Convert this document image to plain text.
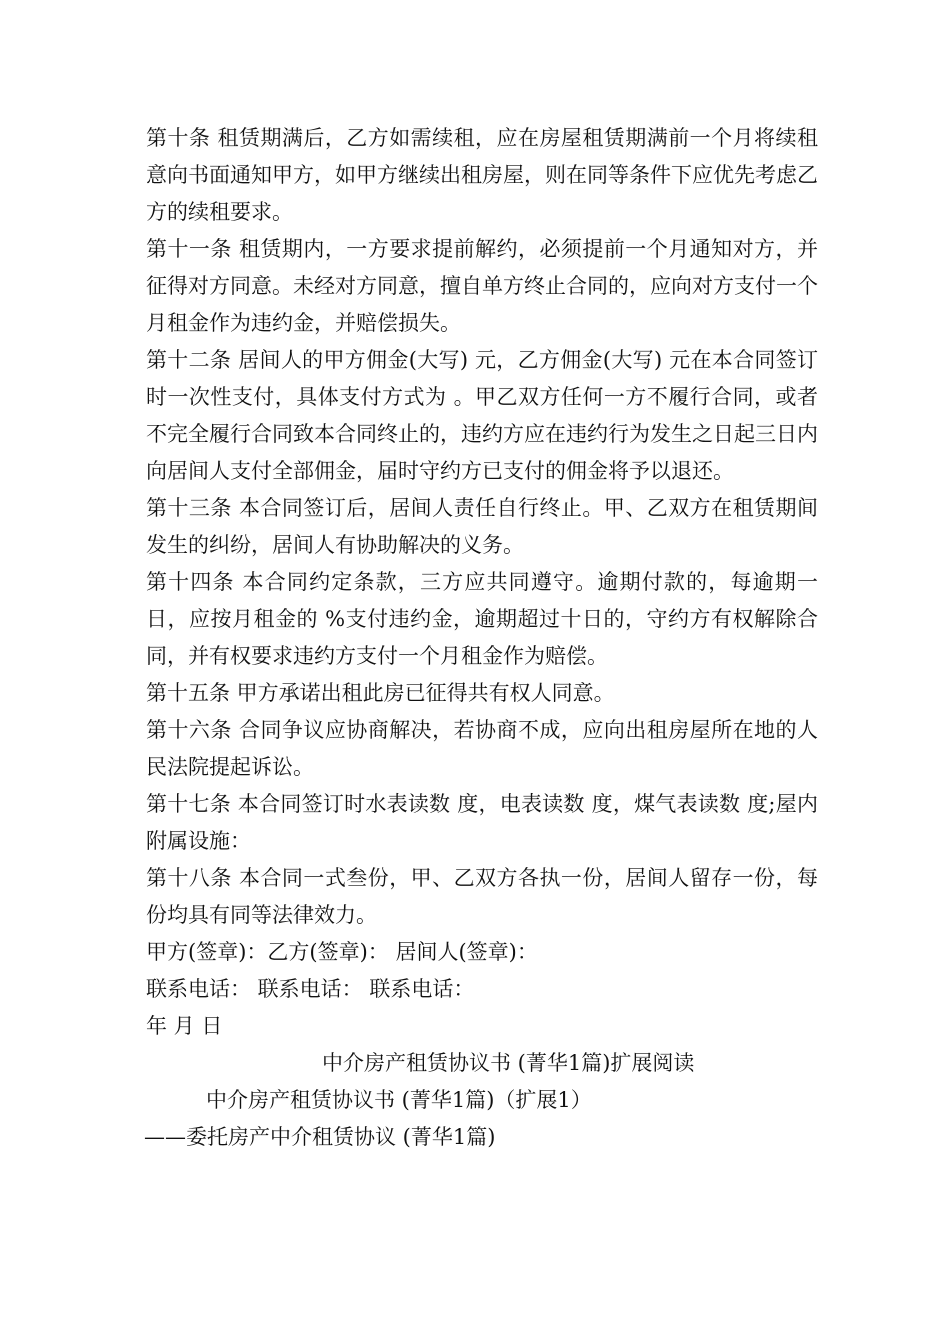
第十条 租赁期满后，乙方如需续租，应在房屋租赁期满前一个月将续租意向书面通知甲方，如甲方继续出租房屋，则在同等条件下应优先考虑乙方的续租要求。

第十一条 租赁期内，一方要求提前解约，必须提前一个月通知对方，并征得对方同意。未经对方同意，擅自单方终止合同的，应向对方支付一个月租金作为违约金，并赔偿损失。

第十二条 居间人的甲方佣金(大写) 元，乙方佣金(大写) 元在本合同签订时一次性支付，具体支付方式为 。甲乙双方任何一方不履行合同，或者不完全履行合同致本合同终止的，违约方应在违约行为发生之日起三日内向居间人支付全部佣金，届时守约方已支付的佣金将予以退还。

第十三条 本合同签订后，居间人责任自行终止。甲、乙双方在租赁期间发生的纠纷，居间人有协助解决的义务。

第十四条 本合同约定条款，三方应共同遵守。逾期付款的，每逾期一日，应按月租金的 %支付违约金，逾期超过十日的，守约方有权解除合同，并有权要求违约方支付一个月租金作为赔偿。

第十五条 甲方承诺出租此房已征得共有权人同意。

第十六条 合同争议应协商解决，若协商不成，应向出租房屋所在地的人民法院提起诉讼。

第十七条 本合同签订时水表读数 度，电表读数 度，煤气表读数 度;屋内附属设施：

第十八条 本合同一式叁份，甲、乙双方各执一份，居间人留存一份，每份均具有同等法律效力。

甲方(签章)：乙方(签章)： 居间人(签章)：

联系电话： 联系电话： 联系电话：

年 月 日

中介房产租赁协议书 (菁华1篇)扩展阅读

中介房产租赁协议书 (菁华1篇)（扩展1）

——委托房产中介租赁协议 (菁华1篇)
